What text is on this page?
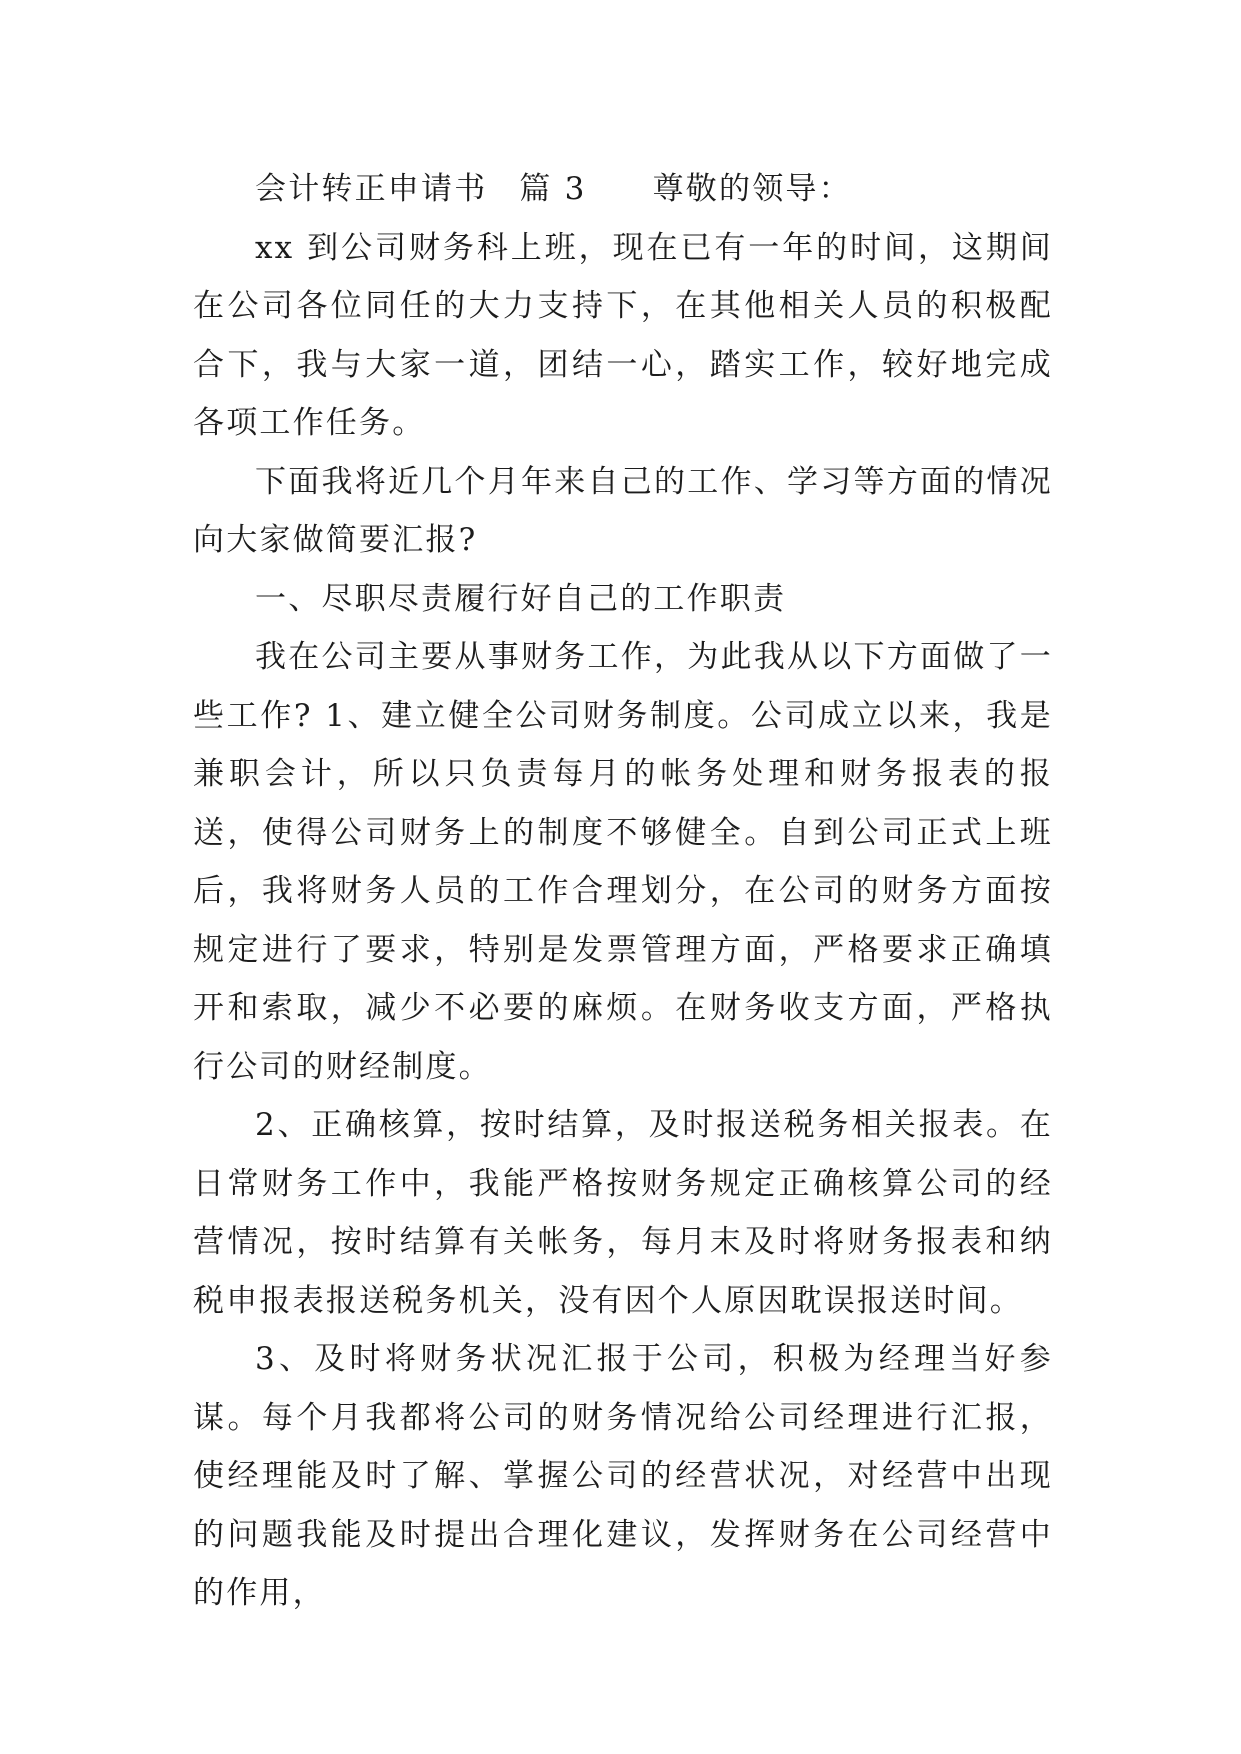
会计转正申请书 篇 3 尊敬的领导：

xx 到公司财务科上班，现在已有一年的时间，这期间在公司各位同任的大力支持下，在其他相关人员的积极配合下，我与大家一道，团结一心，踏实工作，较好地完成各项工作任务。

下面我将近几个月年来自己的工作、学习等方面的情况向大家做简要汇报?

一、尽职尽责履行好自己的工作职责

我在公司主要从事财务工作，为此我从以下方面做了一些工作? 1、建立健全公司财务制度。公司成立以来，我是兼职会计，所以只负责每月的帐务处理和财务报表的报送，使得公司财务上的制度不够健全。自到公司正式上班后，我将财务人员的工作合理划分，在公司的财务方面按规定进行了要求，特别是发票管理方面，严格要求正确填开和索取，减少不必要的麻烦。在财务收支方面，严格执行公司的财经制度。

2、正确核算，按时结算，及时报送税务相关报表。在日常财务工作中，我能严格按财务规定正确核算公司的经营情况，按时结算有关帐务，每月末及时将财务报表和纳税申报表报送税务机关，没有因个人原因耽误报送时间。

3、及时将财务状况汇报于公司，积极为经理当好参谋。每个月我都将公司的财务情况给公司经理进行汇报，使经理能及时了解、掌握公司的经营状况，对经营中出现的问题我能及时提出合理化建议，发挥财务在公司经营中的作用，
